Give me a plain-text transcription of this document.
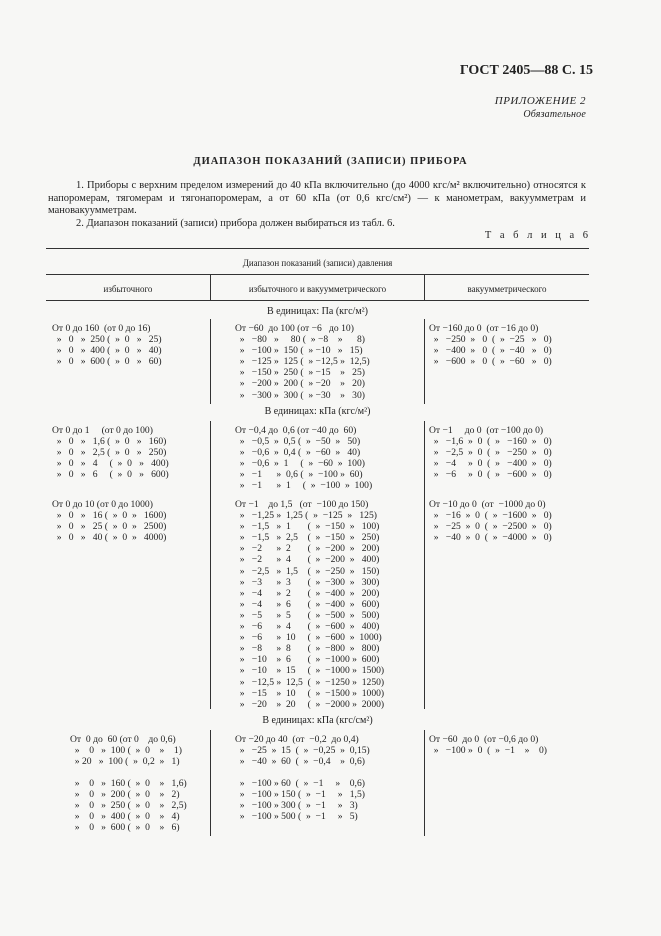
ГОСТ 2405—88 С. 15
ПРИЛОЖЕНИЕ 2
Обязательное
ДИАПАЗОН ПОКАЗАНИЙ (ЗАПИСИ) ПРИБОРА

1. Приборы с верхним пределом измерений до 40 кПа включительно (до 4000 кгс/м² включительно) относятся к напоромерам, тягомерам и тягонапоромерам, а от 60 кПа (от 0,6 кгс/см²) — к манометрам, вакуумметрам и мановакуумметрам.

2. Диапазон показаний (записи) прибора должен выбираться из табл. 6.

Т а б л и ц а 6
Диапазон показаний (записи) давления
избыточного	избыточного и вакуумметрического	вакуумметрического
В единицах: Па (кгс/м²)
От 0 до 160  (от 0 до 16)
»   0   »  250 (  »  0   »   25)
»   0   »  400 (  »  0   »   40)
»   0   »  600 (  »  0   »   60)
От −60  до 100 (от −6   до 10)
»   −80   »     80 (  » −8    »      8)
»   −100 »  150 (  » −10   »   15)
»   −125 »  125 (  » −12,5 »  12,5)
»   −150 »  250 (  » −15    »   25)
»   −200 »  200 (  » −20    »   20)
»   −300 »  300 (  » −30    »   30)
От −160 до 0  (от −16 до 0)
»   −250  »   0  (  »  −25   »   0)
»   −400  »   0  (  »  −40   »   0)
»   −600  »   0  (  »  −60   »   0)
В единицах: кПа (кгс/м²)
От 0 до 1     (от 0 до 100)
»   0   »   1,6 (  »  0   »   160)
»   0   »   2,5 (  »  0   »   250)
»   0   »   4     (  »  0   »   400)
»   0   »   6     (  »  0   »   600)
От 0 до 10 (от 0 до 1000)
»   0   »   16 (  »  0  »   1600)
»   0   »   25 (  »  0  »   2500)
»   0   »   40 (  »  0  »   4000)
От −0,4 до  0,6 (от −40 до  60)
»   −0,5  »  0,5 (  »  −50  »   50)
»   −0,6  »  0,4 (  »  −60  »   40)
»   −0,6  »  1     (  »  −60  »  100)
»   −1      »  0,6 (  »  −100 »  60)
»   −1      »  1     (  »  −100  »  100)
От −1    до 1,5   (от  −100 до 150)
»   −1,25 »  1,25 (  »  −125  »   125)
»   −1,5   »  1       (  »  −150  »   100)
»   −1,5   »  2,5    (  »  −150  »   250)
»   −2      »  2       (  »  −200  »   200)
»   −2      »  4       (  »  −200  »   400)
»   −2,5   »  1,5    (  »  −250  »   150)
»   −3      »  3       (  »  −300  »   300)
»   −4      »  2       (  »  −400  »   200)
»   −4      »  6       (  »  −400  »   600)
»   −5      »  5       (  »  −500  »   500)
»   −6      »  4       (  »  −600  »   400)
»   −6      »  10     (  »  −600  »  1000)
»   −8      »  8       (  »  −800  »   800)
»   −10    »  6       (  »  −1000 »  600)
»   −10    »  15     (  »  −1000 »  1500)
»   −12,5 »  12,5  (  »  −1250 »  1250)
»   −15    »  10     (  »  −1500 »  1000)
»   −20    »  20     (  »  −2000 »  2000)
От −1     до 0  (от −100 до 0)
»   −1,6  »  0  (  »   −160  »   0)
»   −2,5  »  0  (  »   −250  »   0)
»   −4     »  0  (  »   −400  »   0)
»   −6     »  0  (  »   −600  »   0)
От −10 до 0  (от  −1000 до 0)
»   −16  »  0  (  »  −1600  »   0)
»   −25  »  0  (  »  −2500  »   0)
»   −40  »  0  (  »  −4000  »   0)
В единицах: кПа (кгс/см²)
От  0 до  60 (от 0    до 0,6)
»    0   »  100 (  »  0    »    1)
» 20   »  100 (  »  0,2  »   1)
»    0   »  160 (  »  0    »   1,6)
»    0   »  200 (  »  0    »   2)
»    0   »  250 (  »  0    »   2,5)
»    0   »  400 (  »  0    »   4)
»    0   »  600 (  »  0    »   6)
От −20 до 40  (от  −0,2  до 0,4)
»   −25  »  15  (  »  −0,25  »  0,15)
»   −40  »  60  (  »  −0,4    »  0,6)
»   −100 » 60  (  »  −1     »    0,6)
»   −100 » 150 (  »  −1     »   1,5)
»   −100 » 300 (  »  −1     »   3)
»   −100 » 500 (  »  −1     »   5)
От −60  до 0  (от −0,6 до 0)
»   −100 »  0  (  »  −1    »    0)
